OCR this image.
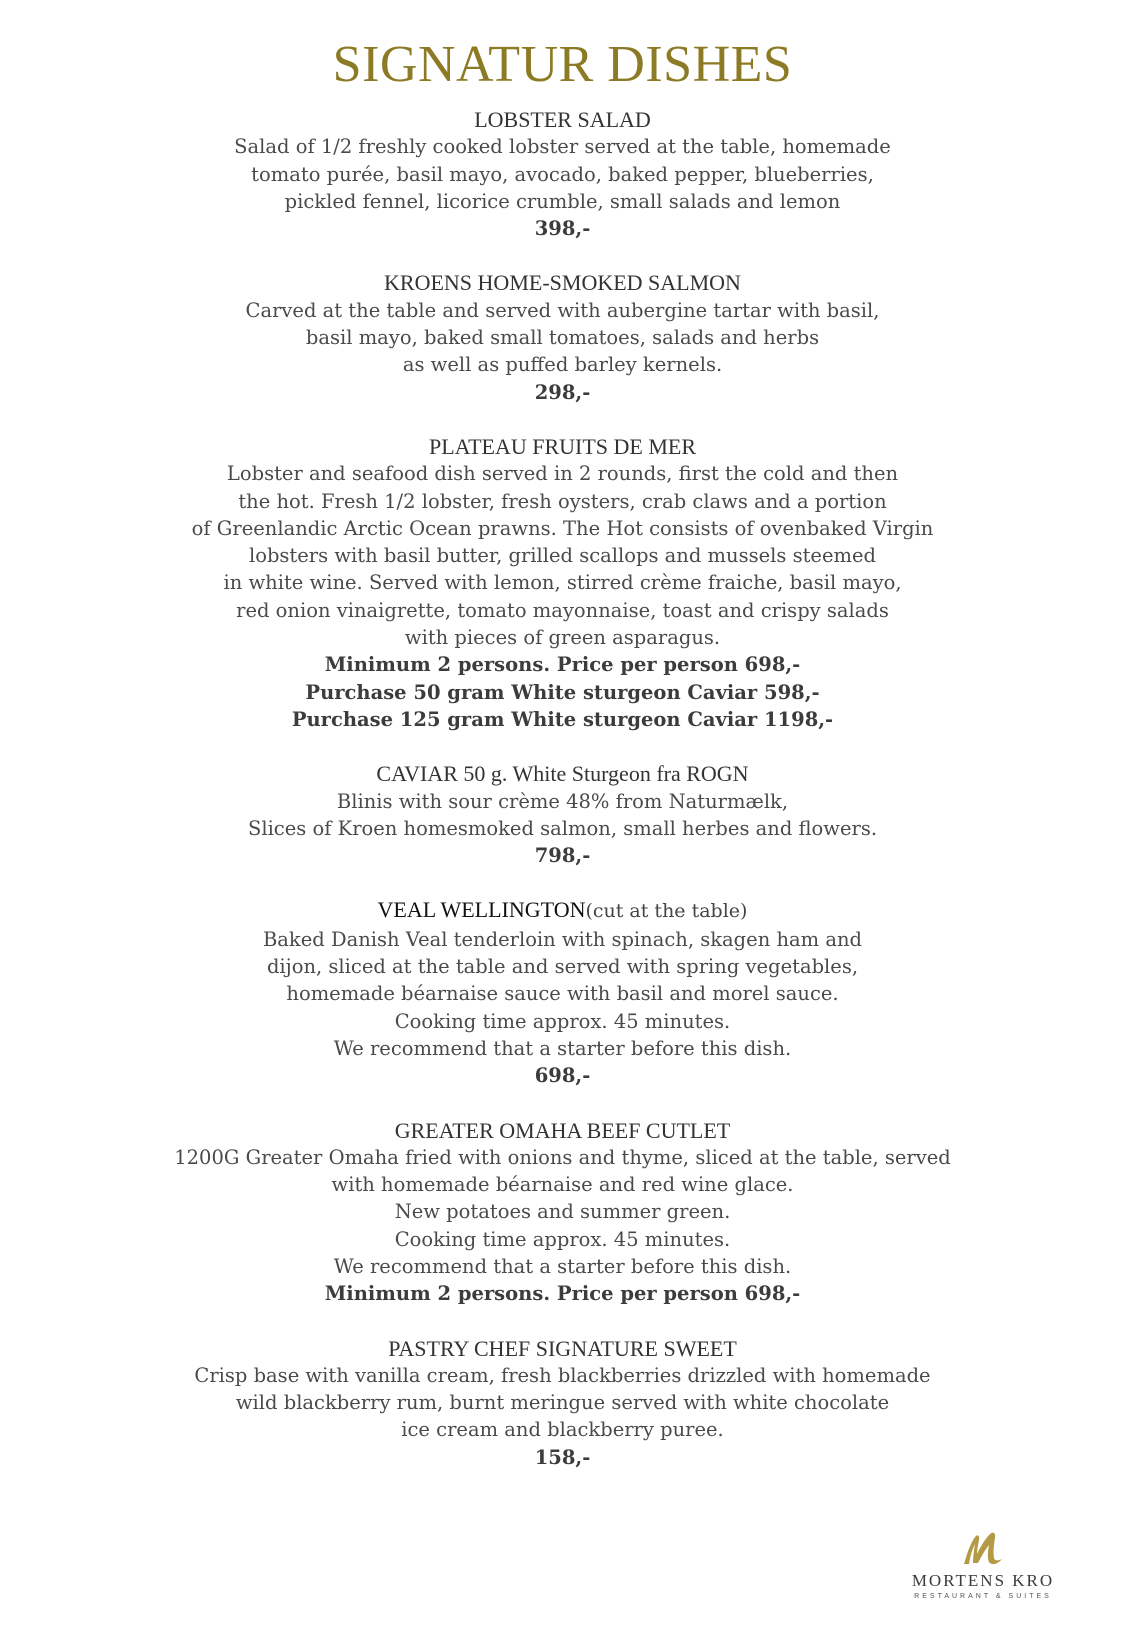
SIGNATUR DISHES
LOBSTER SALAD
Salad of 1/2 freshly cooked lobster served at the table, homemade
tomato purée, basil mayo, avocado, baked pepper, blueberries,
pickled fennel, licorice crumble, small salads and lemon
398,-
KROENS HOME-SMOKED SALMON
Carved at the table and served with aubergine tartar with basil,
basil mayo, baked small tomatoes, salads and herbs
as well as puffed barley kernels.
298,-
PLATEAU FRUITS DE MER
Lobster and seafood dish served in 2 rounds, first the cold and then
the hot. Fresh 1/2 lobster, fresh oysters, crab claws and a portion
of Greenlandic Arctic Ocean prawns. The Hot consists of ovenbaked Virgin
lobsters with basil butter, grilled scallops and mussels steemed
in white wine. Served with lemon, stirred crème fraiche, basil mayo,
red onion vinaigrette, tomato mayonnaise, toast and crispy salads
with pieces of green asparagus.
Minimum 2 persons. Price per person 698,-
Purchase 50 gram White sturgeon Caviar 598,-
Purchase 125 gram White sturgeon Caviar 1198,-
CAVIAR 50 g. White Sturgeon fra ROGN
Blinis with sour crème 48% from Naturmælk,
Slices of Kroen homesmoked salmon, small herbes and flowers.
798,-
VEAL WELLINGTON(cut at the table)
Baked Danish Veal tenderloin with spinach, skagen ham and
dijon, sliced at the table and served with spring vegetables,
homemade béarnaise sauce with basil and morel sauce.
Cooking time approx. 45 minutes.
We recommend that a starter before this dish.
698,-
GREATER OMAHA BEEF CUTLET
1200G Greater Omaha fried with onions and thyme, sliced at the table, served
with homemade béarnaise and red wine glace.
New potatoes and summer green.
Cooking time approx. 45 minutes.
We recommend that a starter before this dish.
Minimum 2 persons. Price per person 698,-
PASTRY CHEF SIGNATURE SWEET
Crisp base with vanilla cream, fresh blackberries drizzled with homemade
wild blackberry rum, burnt meringue served with white chocolate
ice cream and blackberry puree.
158,-
MORTENS KRO
RESTAURANT & SUITES
